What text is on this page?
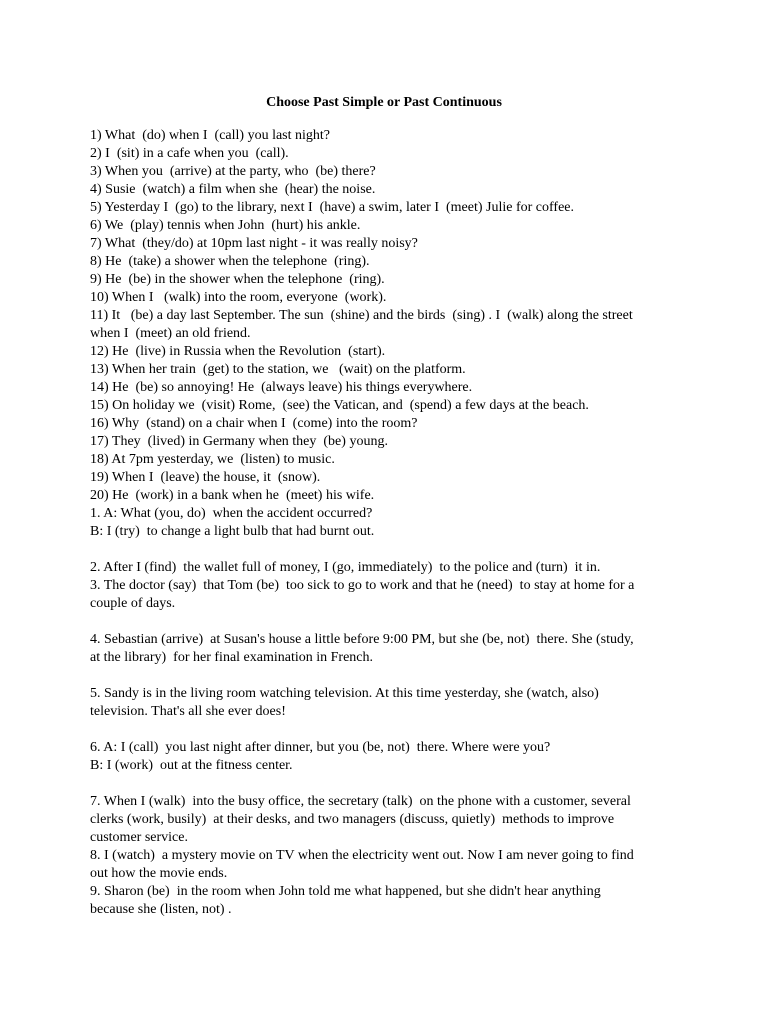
Choose Past Simple or Past Continuous
1) What  (do) when I  (call) you last night?
2) I  (sit) in a cafe when you  (call).
3) When you  (arrive) at the party, who  (be) there?
4) Susie  (watch) a film when she  (hear) the noise.
5) Yesterday I  (go) to the library, next I  (have) a swim, later I  (meet) Julie for coffee.
6) We  (play) tennis when John  (hurt) his ankle.
7) What  (they/do) at 10pm last night - it was really noisy?
8) He  (take) a shower when the telephone  (ring).
9) He  (be) in the shower when the telephone  (ring).
10) When I   (walk) into the room, everyone  (work).
11) It   (be) a day last September. The sun  (shine) and the birds  (sing) . I  (walk) along the street
when I  (meet) an old friend.
12) He  (live) in Russia when the Revolution  (start).
13) When her train  (get) to the station, we   (wait) on the platform.
14) He  (be) so annoying! He  (always leave) his things everywhere.
15) On holiday we  (visit) Rome,  (see) the Vatican, and  (spend) a few days at the beach.
16) Why  (stand) on a chair when I  (come) into the room?
17) They  (lived) in Germany when they  (be) young.
18) At 7pm yesterday, we  (listen) to music.
19) When I  (leave) the house, it  (snow).
20) He  (work) in a bank when he  (meet) his wife.
1. A: What (you, do)  when the accident occurred?
B: I (try)  to change a light bulb that had burnt out.
2. After I (find)  the wallet full of money, I (go, immediately)  to the police and (turn)  it in.
3. The doctor (say)  that Tom (be)  too sick to go to work and that he (need)  to stay at home for a
couple of days.
4. Sebastian (arrive)  at Susan's house a little before 9:00 PM, but she (be, not)  there. She (study,
at the library)  for her final examination in French.
5. Sandy is in the living room watching television. At this time yesterday, she (watch, also)
television. That's all she ever does!
6. A: I (call)  you last night after dinner, but you (be, not)  there. Where were you?
B: I (work)  out at the fitness center.
7. When I (walk)  into the busy office, the secretary (talk)  on the phone with a customer, several
clerks (work, busily)  at their desks, and two managers (discuss, quietly)  methods to improve
customer service.
8. I (watch)  a mystery movie on TV when the electricity went out. Now I am never going to find
out how the movie ends.
9. Sharon (be)  in the room when John told me what happened, but she didn't hear anything
because she (listen, not) .
